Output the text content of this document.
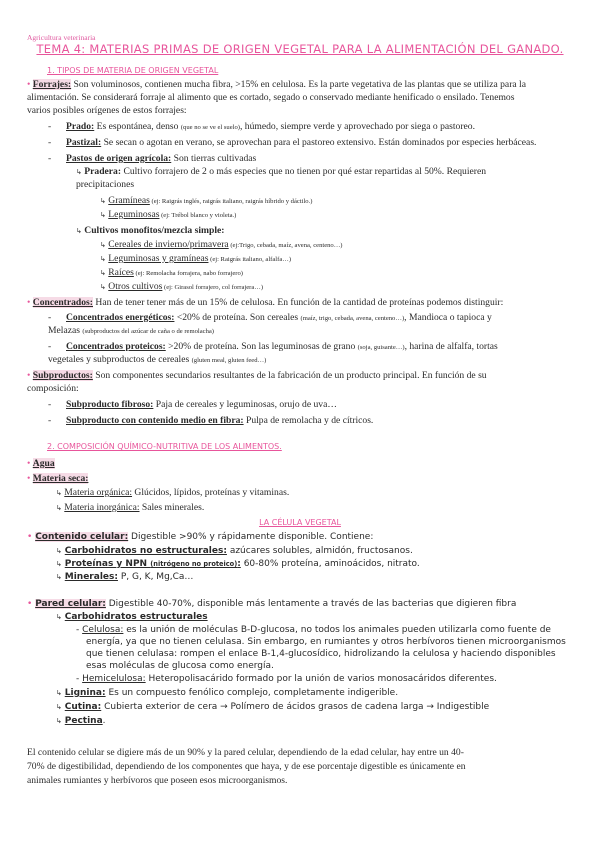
Agricultura veterinaria
TEMA 4: MATERIAS PRIMAS DE ORIGEN VEGETAL PARA LA ALIMENTACIÓN DEL GANADO.
1. TIPOS DE MATERIA DE ORIGEN VEGETAL
• Forrajes: Son voluminosos, contienen mucha fibra, >15% en celulosa. Es la parte vegetativa de las plantas que se utiliza para la
alimentación. Se considerará forraje al alimento que es cortado, segado o conservado mediante henificado o ensilado. Tenemos
varios posibles orígenes de estos forrajes:
- Prado: Es espontánea, denso (que no se ve el suelo), húmedo, siempre verde y aprovechado por siega o pastoreo.
- Pastizal: Se secan o agotan en verano, se aprovechan para el pastoreo extensivo. Están dominados por especies herbáceas.
- Pastos de origen agrícola: Son tierras cultivadas
↳ Pradera: Cultivo forrajero de 2 o más especies que no tienen por qué estar repartidas al 50%. Requieren
precipitaciones
↳ Gramíneas (ej: Raigrás inglés, raigrás italiano, raigrás híbrido y dáctilo.)
↳ Leguminosas (ej: Trébol blanco y violeta.)
↳ Cultivos monofitos/mezcla simple:
↳ Cereales de invierno/primavera (ej:Trigo, cebada, maíz, avena, centeno…)
↳ Leguminosas y gramíneas (ej: Raigrás italiano, alfalfa…)
↳ Raíces (ej: Remolacha forrajera, nabo forrajero)
↳ Otros cultivos (ej: Girasol forrajero, col forrajera…)
• Concentrados: Han de tener tener más de un 15% de celulosa. En función de la cantidad de proteínas podemos distinguir:
- Concentrados energéticos: <20% de proteína. Son cereales (maíz, trigo, cebada, avena, centeno…), Mandioca o tapioca y
Melazas (subproductos del azúcar de caña o de remolacha)
- Concentrados proteicos: >20% de proteína. Son las leguminosas de grano (soja, guisante…), harina de alfalfa, tortas
vegetales y subproductos de cereales (gluten meal, gluten feed…)
• Subproductos: Son componentes secundarios resultantes de la fabricación de un producto principal. En función de su
composición:
- Subproducto fibroso: Paja de cereales y leguminosas, orujo de uva…
- Subproducto con contenido medio en fibra: Pulpa de remolacha y de cítricos.
2. COMPOSICIÓN QUÍMICO-NUTRITIVA DE LOS ALIMENTOS.
• Agua
• Materia seca:
↳ Materia orgánica: Glúcidos, lípidos, proteínas y vitaminas.
↳ Materia inorgánica: Sales minerales.
LA CÉLULA VEGETAL
• Contenido celular: Digestible >90% y rápidamente disponible. Contiene:
↳ Carbohidratos no estructurales: azúcares solubles, almidón, fructosanos.
↳ Proteínas y NPN (nitrógeno no proteico): 60-80% proteína, aminoácidos, nitrato.
↳ Minerales: P, G, K, Mg,Ca…
• Pared celular: Digestible 40-70%, disponible más lentamente a través de las bacterias que digieren fibra
↳ Carbohidratos estructurales
- Celulosa: es la unión de moléculas B-D-glucosa, no todos los animales pueden utilizarla como fuente de
energía, ya que no tienen celulasa. Sin embargo, en rumiantes y otros herbívoros tienen microorganismos
que tienen celulasa: rompen el enlace B-1,4-glucosídico, hidrolizando la celulosa y haciendo disponibles
esas moléculas de glucosa como energía.
- Hemicelulosa: Heteropolisacárido formado por la unión de varios monosacáridos diferentes.
↳ Lignina: Es un compuesto fenólico complejo, completamente indigerible.
↳ Cutina: Cubierta exterior de cera → Polímero de ácidos grasos de cadena larga → Indigestible
↳ Pectina.
El contenido celular se digiere más de un 90% y la pared celular, dependiendo de la edad celular, hay entre un 40-
70% de digestibilidad, dependiendo de los componentes que haya, y de ese porcentaje digestible es únicamente en
animales rumiantes y herbívoros que poseen esos microorganismos.
